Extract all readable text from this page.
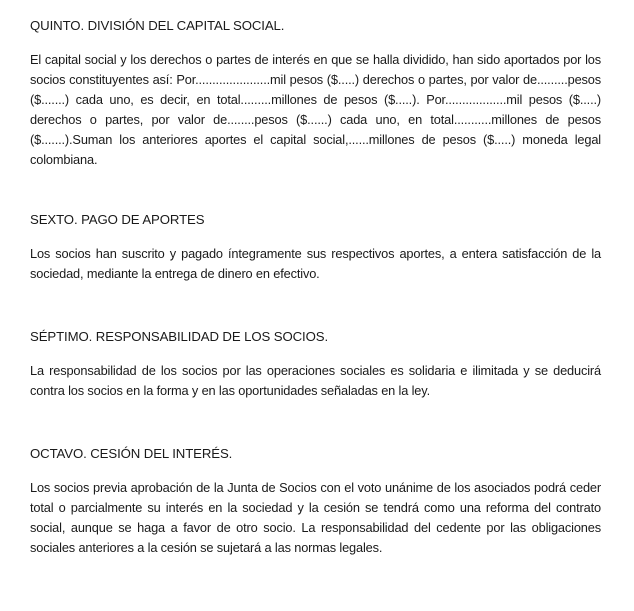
QUINTO. DIVISIÓN DEL CAPITAL SOCIAL.

El capital social y los derechos o partes de interés en que se halla dividido, han sido aportados por los socios constituyentes así: Por......................mil pesos ($.....) derechos o partes, por valor de.........pesos ($.......) cada uno, es decir, en total.........millones de pesos ($.....). Por..................mil pesos ($.....) derechos o partes, por valor de........pesos ($......) cada uno, en total...........millones de pesos ($.......).Suman los anteriores aportes el capital social,......millones de pesos ($.....) moneda legal colombiana.

SEXTO. PAGO DE APORTES

Los socios han suscrito y pagado íntegramente sus respectivos aportes, a entera satisfacción de la sociedad, mediante la entrega de dinero en efectivo.

SÉPTIMO. RESPONSABILIDAD DE LOS SOCIOS.

La responsabilidad de los socios por las operaciones sociales es solidaria e ilimitada y se deducirá contra los socios en la forma y en las oportunidades señaladas en la ley.

OCTAVO. CESIÓN DEL INTERÉS.

Los socios previa aprobación de la Junta de Socios con el voto unánime de los asociados podrá ceder total o parcialmente su interés en la sociedad y la cesión se tendrá como una reforma del contrato social, aunque se haga a favor de otro socio. La responsabilidad del cedente por las obligaciones sociales anteriores a la cesión se sujetará a las normas legales.
